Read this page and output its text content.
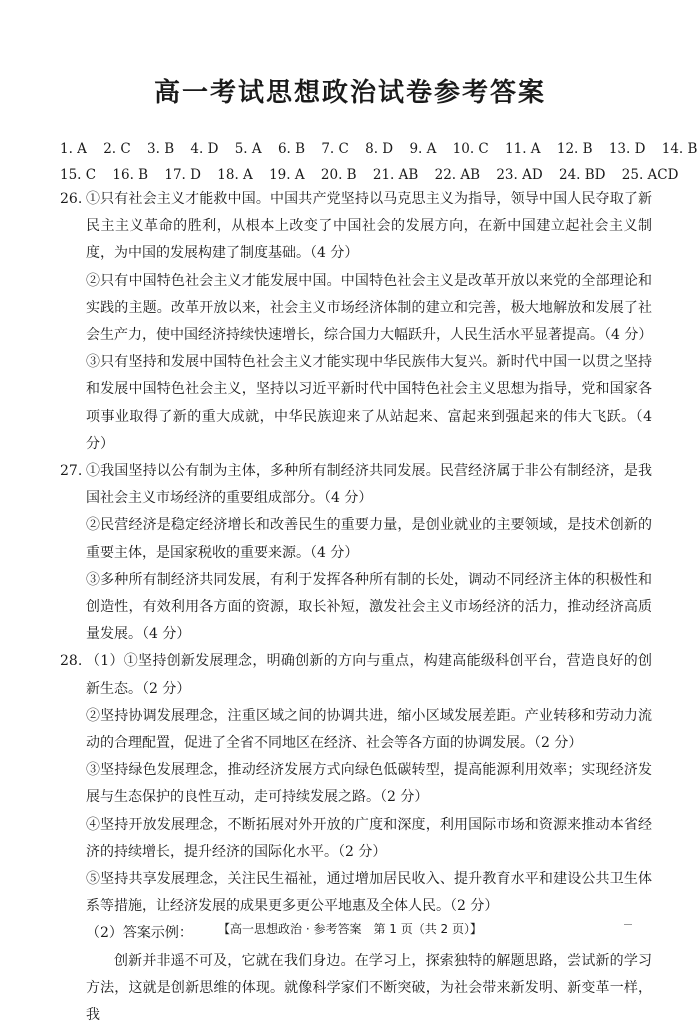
高一考试思想政治试卷参考答案
1. A 2. C 3. B 4. D 5. A 6. B 7. C 8. D 9. A 10. C 11. A 12. B 13. D 14. B
15. C 16. B 17. D 18. A 19. A 20. B 21. AB 22. AB 23. AD 24. BD 25. ACD
26. ①只有社会主义才能救中国。中国共产党坚持以马克思主义为指导，领导中国人民夺取了新民主主义革命的胜利，从根本上改变了中国社会的发展方向，在新中国建立起社会主义制度，为中国的发展构建了制度基础。（4 分）

②只有中国特色社会主义才能发展中国。中国特色社会主义是改革开放以来党的全部理论和实践的主题。改革开放以来，社会主义市场经济体制的建立和完善，极大地解放和发展了社会生产力，使中国经济持续快速增长，综合国力大幅跃升，人民生活水平显著提高。（4 分）

③只有坚持和发展中国特色社会主义才能实现中华民族伟大复兴。新时代中国一以贯之坚持和发展中国特色社会主义，坚持以习近平新时代中国特色社会主义思想为指导，党和国家各项事业取得了新的重大成就，中华民族迎来了从站起来、富起来到强起来的伟大飞跃。（4 分）

27. ①我国坚持以公有制为主体，多种所有制经济共同发展。民营经济属于非公有制经济，是我国社会主义市场经济的重要组成部分。（4 分）

②民营经济是稳定经济增长和改善民生的重要力量，是创业就业的主要领域，是技术创新的重要主体，是国家税收的重要来源。（4 分）

③多种所有制经济共同发展，有利于发挥各种所有制的长处，调动不同经济主体的积极性和创造性，有效利用各方面的资源，取长补短，激发社会主义市场经济的活力，推动经济高质量发展。（4 分）

28. （1）①坚持创新发展理念，明确创新的方向与重点，构建高能级科创平台，营造良好的创新生态。（2 分）

②坚持协调发展理念，注重区域之间的协调共进，缩小区域发展差距。产业转移和劳动力流动的合理配置，促进了全省不同地区在经济、社会等各方面的协调发展。（2 分）

③坚持绿色发展理念，推动经济发展方式向绿色低碳转型，提高能源利用效率；实现经济发展与生态保护的良性互动，走可持续发展之路。（2 分）

④坚持开放发展理念，不断拓展对外开放的广度和深度，利用国际市场和资源来推动本省经济的持续增长，提升经济的国际化水平。（2 分）

⑤坚持共享发展理念，关注民生福祉，通过增加居民收入、提升教育水平和建设公共卫生体系等措施，让经济发展的成果更多更公平地惠及全体人民。（2 分）

（2）答案示例：

创新并非遥不可及，它就在我们身边。在学习上，探索独特的解题思路，尝试新的学习方法，这就是创新思维的体现。就像科学家们不断突破，为社会带来新发明、新变革一样，我

【高一思想政治 · 参考答案　第 1 页（共 2 页）】
